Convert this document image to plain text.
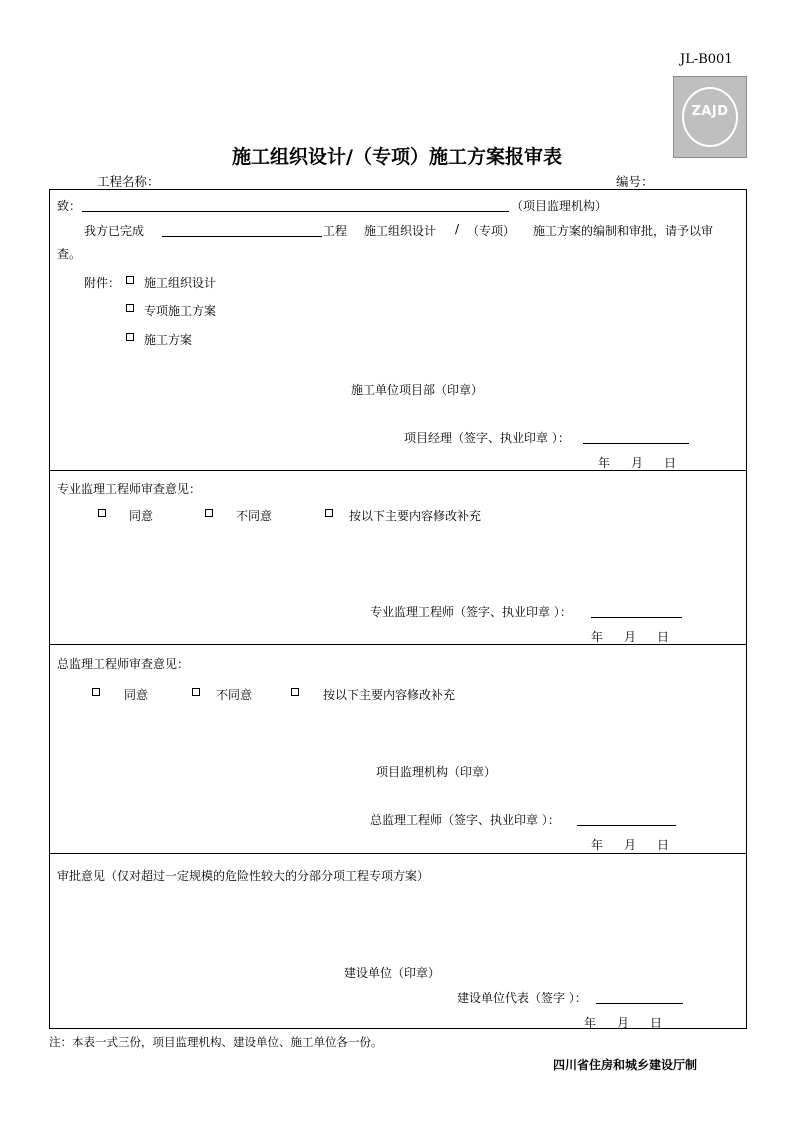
JL-B001
ZAJD
施工组织设计/（专项）施工方案报审表
工程名称：	编号：
致：	（项目监理机构）
我方已完成	工程 施工组织设计 / （专项） 施工方案的编制和审批，请予以审
查。
附件： 施工组织设计
专项施工方案
施工方案
施工单位项目部（印章）
项目经理（签字、执业印章 ）：
年 月 日
专业监理工程师审查意见：
同意	不同意	按以下主要内容修改补充
专业监理工程师（签字、执业印章 ）：
年 月 日
总监理工程师审查意见：
同意	不同意	按以下主要内容修改补充
项目监理机构（印章）
总监理工程师（签字、执业印章 ）：
年 月 日
审批意见（仅对超过一定规模的危险性较大的分部分项工程专项方案）
建设单位（印章）
建设单位代表（签字 ）：
年 月 日
注：本表一式三份，项目监理机构、建设单位、施工单位各一份。
四川省住房和城乡建设厅制
